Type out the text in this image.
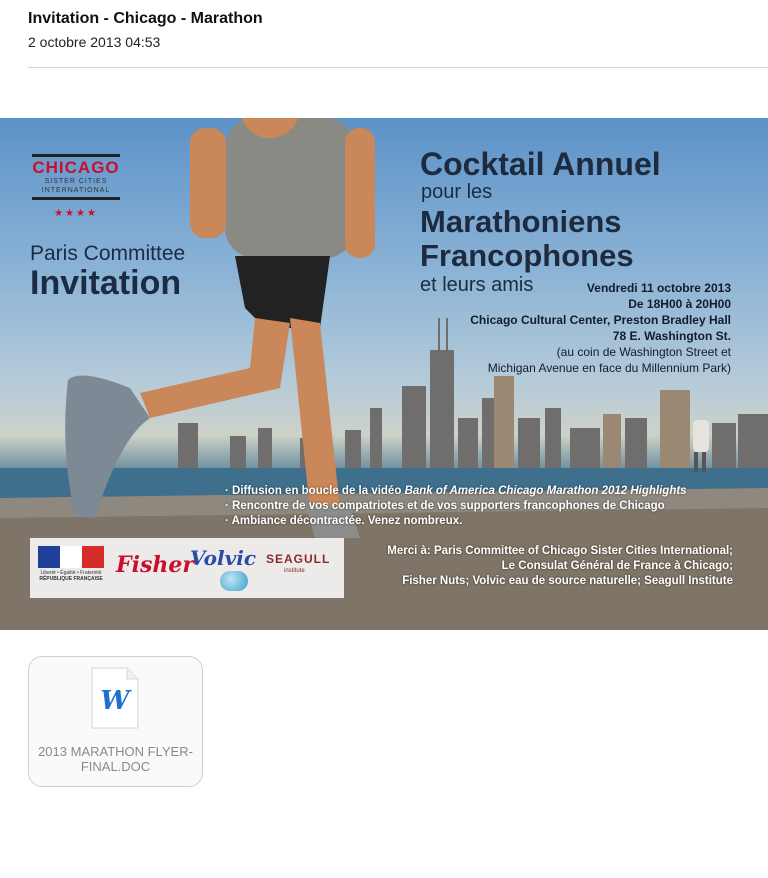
Invitation - Chicago - Marathon
2 octobre 2013 04:53
CHICAGO
SISTER CITIES
INTERNATIONAL
★★★★
Paris Committee
Invitation
Cocktail Annuel
pour les
Marathoniens
Francophones
et leurs amis	Vendredi 11 octobre 2013
De 18H00 à 20H00
Chicago Cultural Center, Preston Bradley Hall
78 E. Washington St.
(au coin de Washington Street et
Michigan Avenue en face du Millennium Park)
· Diffusion en boucle de la vidéo Bank of America Chicago Marathon 2012 Highlights
· Rencontre de vos compatriotes et de vos supporters francophones de Chicago
· Ambiance décontractée. Venez nombreux.
Liberté • Égalité • Fraternité
RÉPUBLIQUE FRANÇAISE
Fisher
Volvic SEAGULL
institute
Merci à: Paris Committee of Chicago Sister Cities International;
Le Consulat Général de France à Chicago;
Fisher Nuts; Volvic eau de source naturelle; Seagull Institute
W
2013 MARATHON FLYER-
FINAL.DOC
